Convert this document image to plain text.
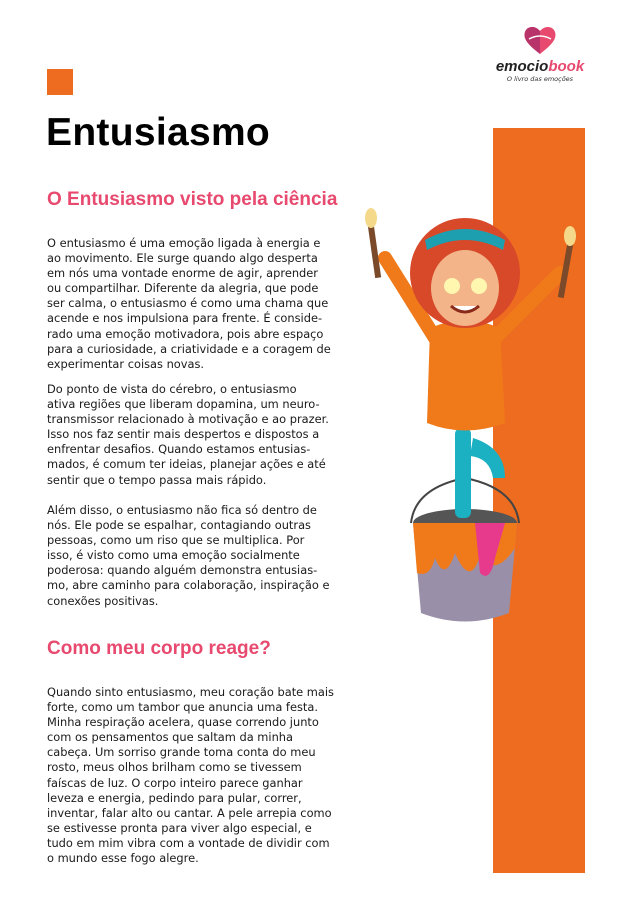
emociobook
O livro das emoções
Entusiasmo
O Entusiasmo visto pela ciência
O entusiasmo é uma emoção ligada à energia e
ao movimento. Ele surge quando algo desperta
em nós uma vontade enorme de agir, aprender
ou compartilhar. Diferente da alegria, que pode
ser calma, o entusiasmo é como uma chama que
acende e nos impulsiona para frente. É conside-
rado uma emoção motivadora, pois abre espaço
para a curiosidade, a criatividade e a coragem de
experimentar coisas novas.
Do ponto de vista do cérebro, o entusiasmo
ativa regiões que liberam dopamina, um neuro-
transmissor relacionado à motivação e ao prazer.
Isso nos faz sentir mais despertos e dispostos a
enfrentar desafios. Quando estamos entusias-
mados, é comum ter ideias, planejar ações e até
sentir que o tempo passa mais rápido.
Além disso, o entusiasmo não fica só dentro de
nós. Ele pode se espalhar, contagiando outras
pessoas, como um riso que se multiplica. Por
isso, é visto como uma emoção socialmente
poderosa: quando alguém demonstra entusias-
mo, abre caminho para colaboração, inspiração e
conexões positivas.
Como meu corpo reage?
Quando sinto entusiasmo, meu coração bate mais
forte, como um tambor que anuncia uma festa.
Minha respiração acelera, quase correndo junto
com os pensamentos que saltam da minha
cabeça. Um sorriso grande toma conta do meu
rosto, meus olhos brilham como se tivessem
faíscas de luz. O corpo inteiro parece ganhar
leveza e energia, pedindo para pular, correr,
inventar, falar alto ou cantar. A pele arrepia como
se estivesse pronta para viver algo especial, e
tudo em mim vibra com a vontade de dividir com
o mundo esse fogo alegre.
